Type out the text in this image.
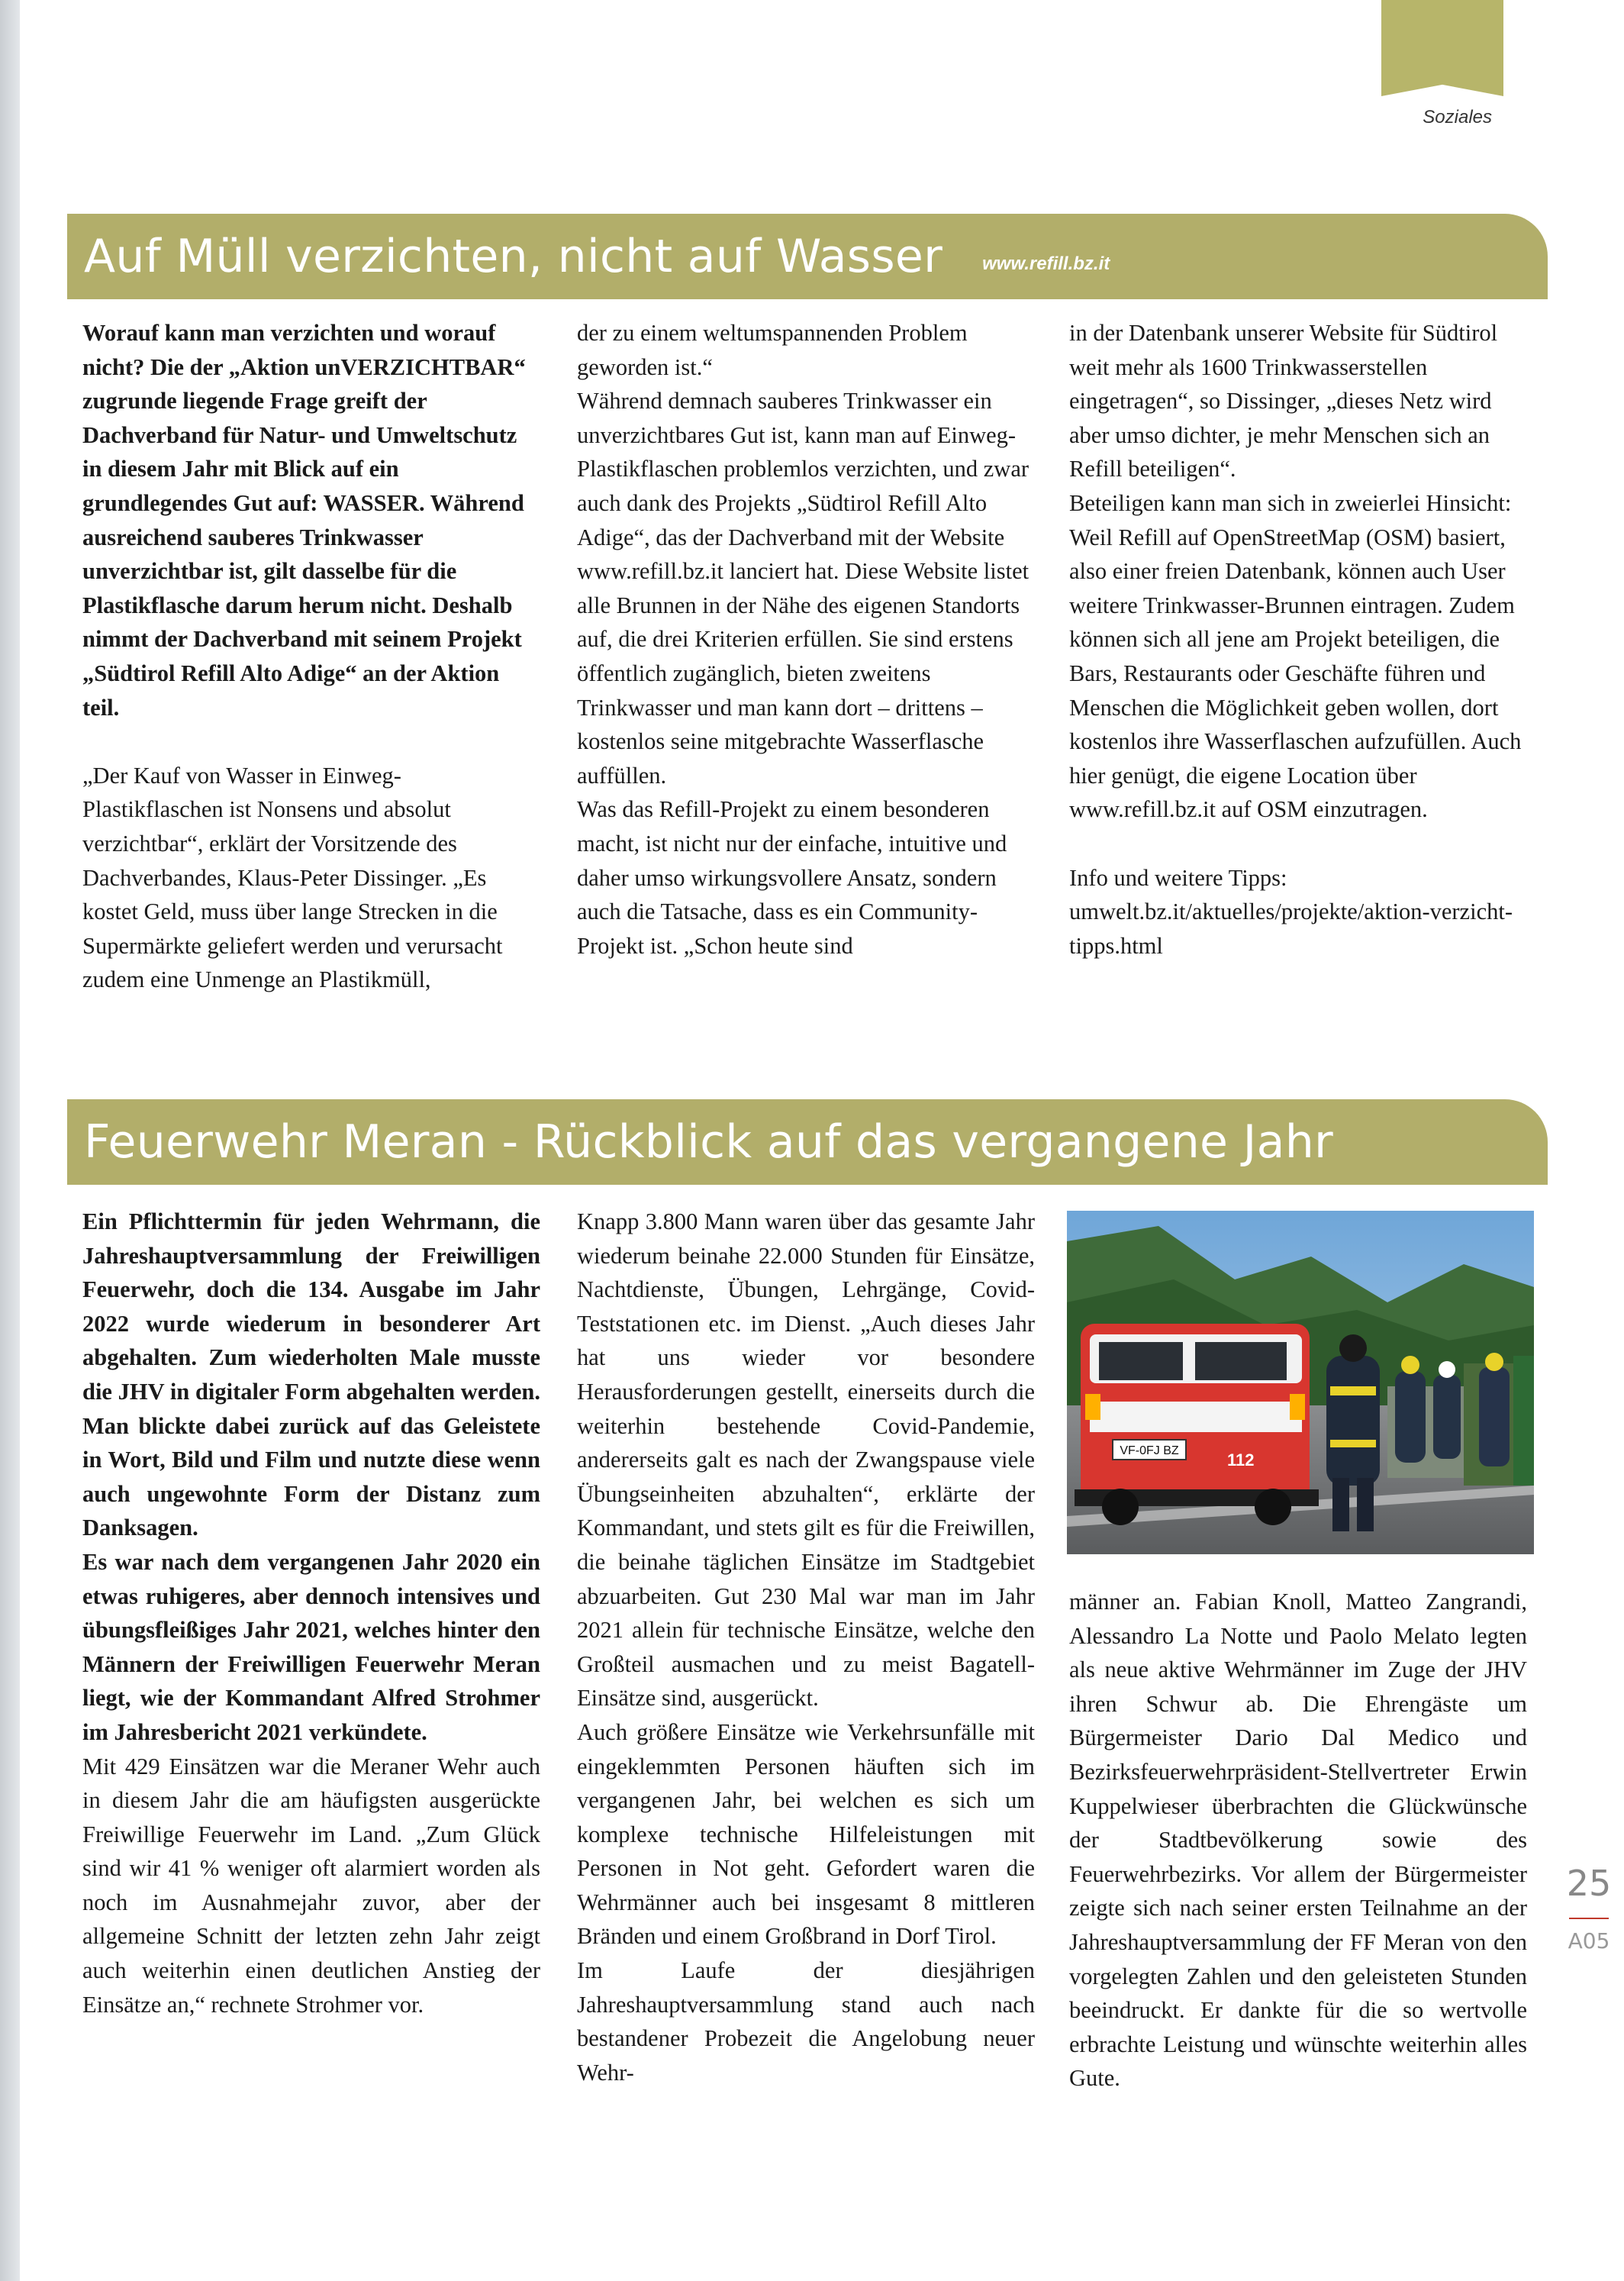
Soziales
Auf Müll verzichten, nicht auf Wasser www.refill.bz.it

Worauf kann man verzichten und worauf nicht? Die der „Aktion unVERZICHTBAR“ zugrunde liegende Frage greift der Dachverband für Natur- und Umweltschutz in diesem Jahr mit Blick auf ein grundlegendes Gut auf: WASSER. Während ausreichend sauberes Trinkwasser unverzichtbar ist, gilt dasselbe für die Plastikflasche darum herum nicht. Deshalb nimmt der Dachverband mit seinem Projekt „Südtirol Refill Alto Adige“ an der Aktion teil.

„Der Kauf von Wasser in Einweg-Plastikflaschen ist Nonsens und absolut verzichtbar“, erklärt der Vorsitzende des Dachverbandes, Klaus-Peter Dissinger. „Es kostet Geld, muss über lange Strecken in die Supermärkte geliefert werden und verursacht zudem eine Unmenge an Plastikmüll,

der zu einem weltumspannenden Problem geworden ist.“

Während demnach sauberes Trinkwasser ein unverzichtbares Gut ist, kann man auf Einweg-Plastikflaschen problemlos verzichten, und zwar auch dank des Projekts „Südtirol Refill Alto Adige“, das der Dachverband mit der Website www.refill.bz.it lanciert hat. Diese Website listet alle Brunnen in der Nähe des eigenen Standorts auf, die drei Kriterien erfüllen. Sie sind erstens öffentlich zugänglich, bieten zweitens Trinkwasser und man kann dort – drittens – kostenlos seine mitgebrachte Wasserflasche auffüllen.

Was das Refill-Projekt zu einem besonderen macht, ist nicht nur der einfache, intuitive und daher umso wirkungsvollere Ansatz, sondern auch die Tatsache, dass es ein Community-Projekt ist. „Schon heute sind

in der Datenbank unserer Website für Südtirol weit mehr als 1600 Trinkwasserstellen eingetragen“, so Dissinger, „dieses Netz wird aber umso dichter, je mehr Menschen sich an Refill beteiligen“.

Beteiligen kann man sich in zweierlei Hinsicht: Weil Refill auf OpenStreetMap (OSM) basiert, also einer freien Datenbank, können auch User weitere Trinkwasser-Brunnen eintragen. Zudem können sich all jene am Projekt beteiligen, die Bars, Restaurants oder Geschäfte führen und Menschen die Möglichkeit geben wollen, dort kostenlos ihre Wasserflaschen aufzufüllen. Auch hier genügt, die eigene Location über www.refill.bz.it auf OSM einzutragen.

Info und weitere Tipps: umwelt.bz.it/aktuelles/projekte/aktion-verzicht-tipps.html

Feuerwehr Meran - Rückblick auf das vergangene Jahr

Ein Pflichttermin für jeden Wehrmann, die Jahreshauptversammlung der Freiwilligen Feuerwehr, doch die 134. Ausgabe im Jahr 2022 wurde wiederum in besonderer Art abgehalten. Zum wiederholten Male musste die JHV in digitaler Form abgehalten werden. Man blickte dabei zurück auf das Geleistete in Wort, Bild und Film und nutzte diese wenn auch ungewohnte Form der Distanz zum Danksagen.

Es war nach dem vergangenen Jahr 2020 ein etwas ruhigeres, aber dennoch intensives und übungsfleißiges Jahr 2021, welches hinter den Männern der Freiwilligen Feuerwehr Meran liegt, wie der Kommandant Alfred Strohmer im Jahresbericht 2021 verkündete.

Mit 429 Einsätzen war die Meraner Wehr auch in diesem Jahr die am häufigsten ausgerückte Freiwillige Feuerwehr im Land. „Zum Glück sind wir 41 % weniger oft alarmiert worden als noch im Ausnahmejahr zuvor, aber der allgemeine Schnitt der letzten zehn Jahr zeigt auch weiterhin einen deutlichen Anstieg der Einsätze an,“ rechnete Strohmer vor.

Knapp 3.800 Mann waren über das gesamte Jahr wiederum beinahe 22.000 Stunden für Einsätze, Nachtdienste, Übungen, Lehrgänge, Covid-Teststationen etc. im Dienst. „Auch dieses Jahr hat uns wieder vor besondere Herausforderungen gestellt, einerseits durch die weiterhin bestehende Covid-Pandemie, andererseits galt es nach der Zwangspause viele Übungseinheiten abzuhalten“, erklärte der Kommandant, und stets gilt es für die Freiwillen, die beinahe täglichen Einsätze im Stadtgebiet abzuarbeiten. Gut 230 Mal war man im Jahr 2021 allein für technische Einsätze, welche den Großteil ausmachen und zu meist Bagatell-Einsätze sind, ausgerückt.

Auch größere Einsätze wie Verkehrsunfälle mit eingeklemmten Personen häuften sich im vergangenen Jahr, bei welchen es sich um komplexe technische Hilfeleistungen mit Personen in Not geht. Gefordert waren die Wehrmänner auch bei insgesamt 8 mittleren Bränden und einem Großbrand in Dorf Tirol.

Im Laufe der diesjährigen Jahreshauptversammlung stand auch nach bestandener Probezeit die Angelobung neuer Wehr-

männer an. Fabian Knoll, Matteo Zangrandi, Alessandro La Notte und Paolo Melato legten als neue aktive Wehrmänner im Zuge der JHV ihren Schwur ab. Die Ehrengäste um Bürgermeister Dario Dal Medico und Bezirksfeuerwehrpräsident-Stellvertreter Erwin Kuppelwieser überbrachten die Glückwünsche der Stadtbevölkerung sowie des Feuerwehrbezirks. Vor allem der Bürgermeister zeigte sich nach seiner ersten Teilnahme an der Jahreshauptversammlung der FF Meran von den vorgelegten Zahlen und den geleisteten Stunden beeindruckt. Er dankte für die so wertvolle erbrachte Leistung und wünschte weiterhin alles Gute.

VF-0FJ BZ	112
25
A05
